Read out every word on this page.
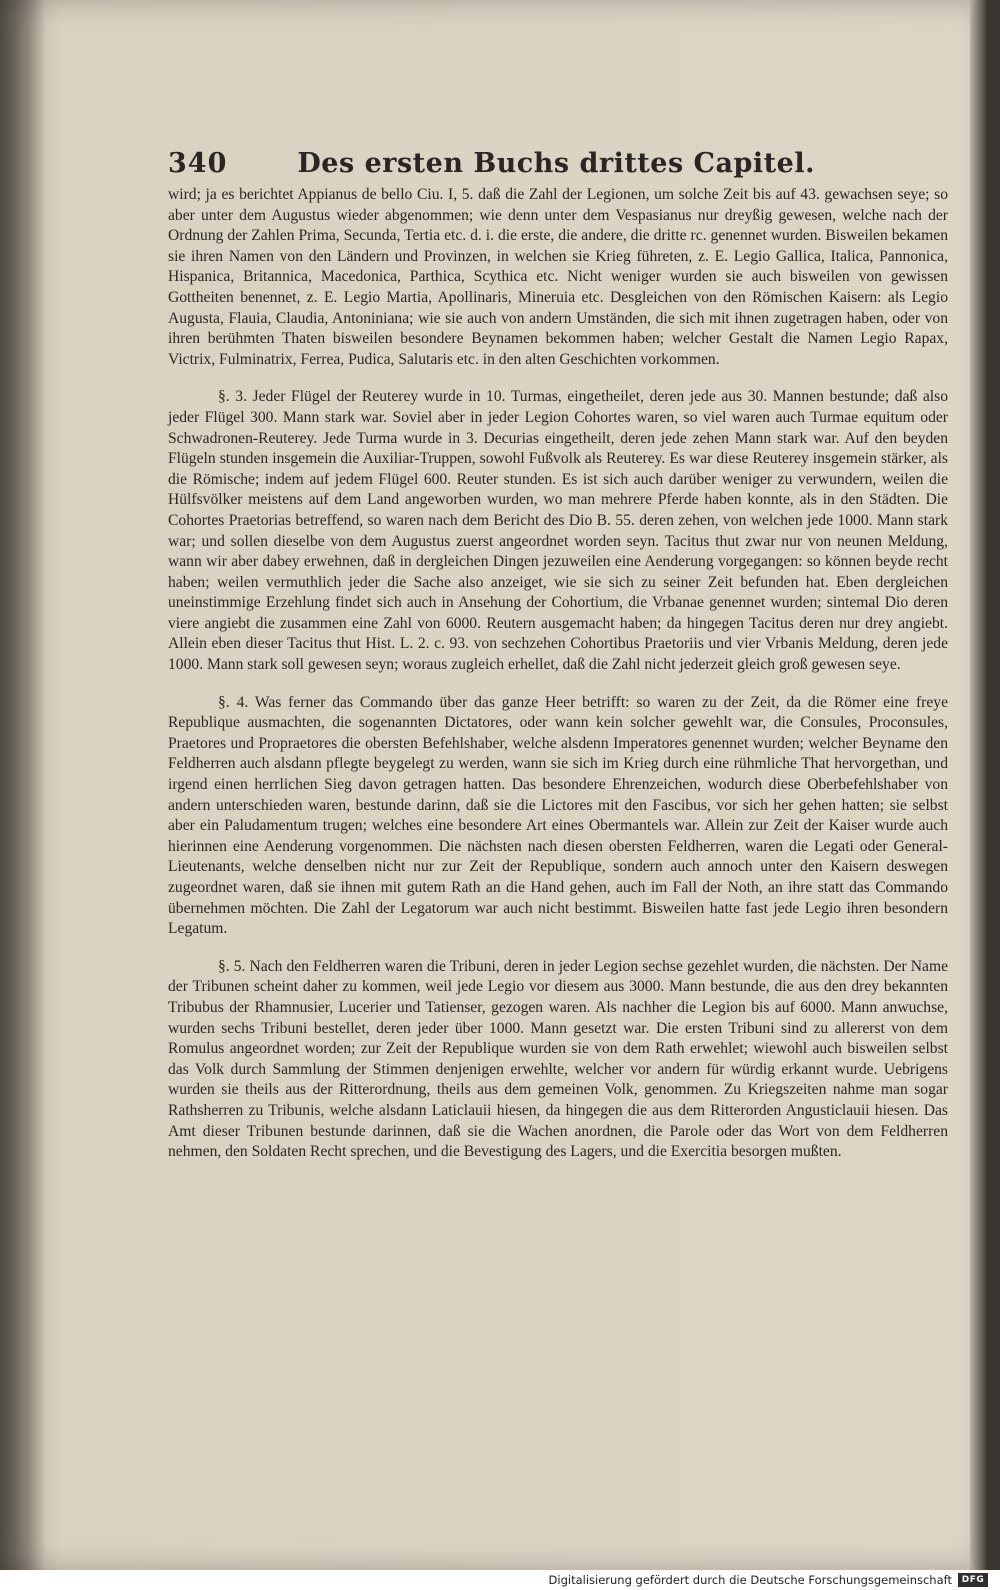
340	Des ersten Buchs drittes Capitel.

wird; ja es berichtet Appianus de bello Ciu. I, 5. daß die Zahl der Legionen, um solche Zeit bis auf 43. gewachsen seye; so aber unter dem Augustus wieder abgenommen; wie denn unter dem Vespasianus nur dreyßig gewesen, welche nach der Ordnung der Zahlen Prima, Secunda, Tertia etc. d. i. die erste, die andere, die dritte rc. genennet wurden. Bisweilen bekamen sie ihren Namen von den Ländern und Provinzen, in welchen sie Krieg führeten, z. E. Legio Gallica, Italica, Pannonica, Hispanica, Britannica, Macedonica, Parthica, Scythica etc. Nicht weniger wurden sie auch bisweilen von gewissen Gottheiten benennet, z. E. Legio Martia, Apollinaris, Mineruia etc. Desgleichen von den Römischen Kaisern: als Legio Augusta, Flauia, Claudia, Antoniniana; wie sie auch von andern Umständen, die sich mit ihnen zugetragen haben, oder von ihren berühmten Thaten bisweilen besondere Beynamen bekommen haben; welcher Gestalt die Namen Legio Rapax, Victrix, Fulminatrix, Ferrea, Pudica, Salutaris etc. in den alten Geschichten vorkommen.

§. 3. Jeder Flügel der Reuterey wurde in 10. Turmas, eingetheilet, deren jede aus 30. Mannen bestunde; daß also jeder Flügel 300. Mann stark war. Soviel aber in jeder Legion Cohortes waren, so viel waren auch Turmae equitum oder Schwadronen-Reuterey. Jede Turma wurde in 3. Decurias eingetheilt, deren jede zehen Mann stark war. Auf den beyden Flügeln stunden insgemein die Auxiliar-Truppen, sowohl Fußvolk als Reuterey. Es war diese Reuterey insgemein stärker, als die Römische; indem auf jedem Flügel 600. Reuter stunden. Es ist sich auch darüber weniger zu verwundern, weilen die Hülfsvölker meistens auf dem Land angeworben wurden, wo man mehrere Pferde haben konnte, als in den Städten. Die Cohortes Praetorias betreffend, so waren nach dem Bericht des Dio B. 55. deren zehen, von welchen jede 1000. Mann stark war; und sollen dieselbe von dem Augustus zuerst angeordnet worden seyn. Tacitus thut zwar nur von neunen Meldung, wann wir aber dabey erwehnen, daß in dergleichen Dingen jezuweilen eine Aenderung vorgegangen: so können beyde recht haben; weilen vermuthlich jeder die Sache also anzeiget, wie sie sich zu seiner Zeit befunden hat. Eben dergleichen uneinstimmige Erzehlung findet sich auch in Ansehung der Cohortium, die Vrbanae genennet wurden; sintemal Dio deren viere angiebt die zusammen eine Zahl von 6000. Reutern ausgemacht haben; da hingegen Tacitus deren nur drey angiebt. Allein eben dieser Tacitus thut Hist. L. 2. c. 93. von sechzehen Cohortibus Praetoriis und vier Vrbanis Meldung, deren jede 1000. Mann stark soll gewesen seyn; woraus zugleich erhellet, daß die Zahl nicht jederzeit gleich groß gewesen seye.

§. 4. Was ferner das Commando über das ganze Heer betrifft: so waren zu der Zeit, da die Römer eine freye Republique ausmachten, die sogenannten Dictatores, oder wann kein solcher gewehlt war, die Consules, Proconsules, Praetores und Propraetores die obersten Befehlshaber, welche alsdenn Imperatores genennet wurden; welcher Beyname den Feldherren auch alsdann pflegte beygelegt zu werden, wann sie sich im Krieg durch eine rühmliche That hervorgethan, und irgend einen herrlichen Sieg davon getragen hatten. Das besondere Ehrenzeichen, wodurch diese Oberbefehlshaber von andern unterschieden waren, bestunde darinn, daß sie die Lictores mit den Fascibus, vor sich her gehen hatten; sie selbst aber ein Paludamentum trugen; welches eine besondere Art eines Obermantels war. Allein zur Zeit der Kaiser wurde auch hierinnen eine Aenderung vorgenommen. Die nächsten nach diesen obersten Feldherren, waren die Legati oder General-Lieutenants, welche denselben nicht nur zur Zeit der Republique, sondern auch annoch unter den Kaisern deswegen zugeordnet waren, daß sie ihnen mit gutem Rath an die Hand gehen, auch im Fall der Noth, an ihre statt das Commando übernehmen möchten. Die Zahl der Legatorum war auch nicht bestimmt. Bisweilen hatte fast jede Legio ihren besondern Legatum.

§. 5. Nach den Feldherren waren die Tribuni, deren in jeder Legion sechse gezehlet wurden, die nächsten. Der Name der Tribunen scheint daher zu kommen, weil jede Legio vor diesem aus 3000. Mann bestunde, die aus den drey bekannten Tribubus der Rhamnusier, Lucerier und Tatienser, gezogen waren. Als nachher die Legion bis auf 6000. Mann anwuchse, wurden sechs Tribuni bestellet, deren jeder über 1000. Mann gesetzt war. Die ersten Tribuni sind zu allererst von dem Romulus angeordnet worden; zur Zeit der Republique wurden sie von dem Rath erwehlet; wiewohl auch bisweilen selbst das Volk durch Sammlung der Stimmen denjenigen erwehlte, welcher vor andern für würdig erkannt wurde. Uebrigens wurden sie theils aus der Ritterordnung, theils aus dem gemeinen Volk, genommen. Zu Kriegszeiten nahme man sogar Rathsherren zu Tribunis, welche alsdann Laticlauii hiesen, da hingegen die aus dem Ritterorden Angusticlauii hiesen. Das Amt dieser Tribunen bestunde darinnen, daß sie die Wachen anordnen, die Parole oder das Wort von dem Feldherren nehmen, den Soldaten Recht sprechen, und die Bevestigung des Lagers, und die Exercitia besorgen mußten.

Digitalisierung gefördert durch die Deutsche Forschungsgemeinschaft	DFG
